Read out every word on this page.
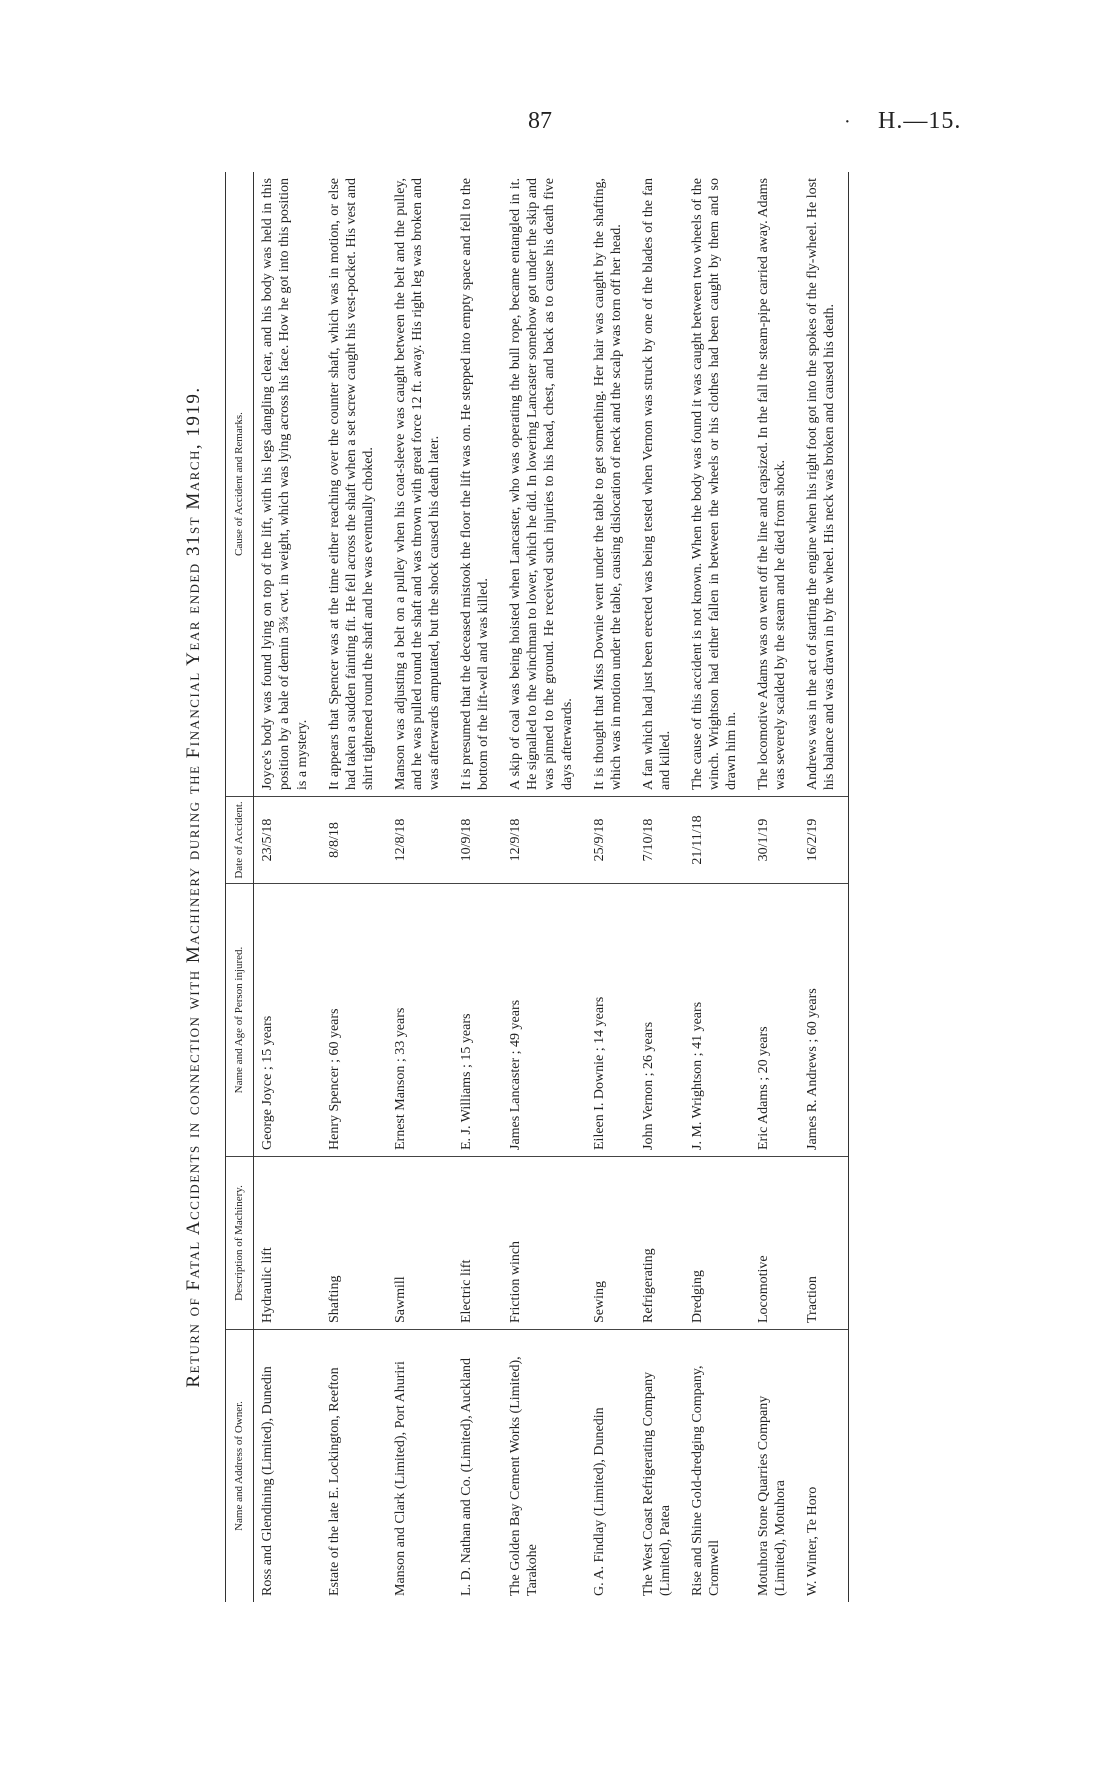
87	· H.—15.
Return of Fatal Accidents in connection with Machinery during the Financial Year ended 31st March, 1919.
Name and Address of Owner.	Description of Machinery.	Name and Age of Person injured.	Date of Accident.	Cause of Accident and Remarks.
Ross and Glendining (Limited), Dunedin	Hydraulic lift	George Joyce ; 15 years	23/5/18	Joyce's body was found lying on top of the lift, with his legs dangling clear, and his body was held in this position by a bale of demin 3¾ cwt. in weight, which was lying across his face. How he got into this position is a mystery.
Estate of the late E. Lockington, Reefton	Shafting	Henry Spencer ; 60 years	8/8/18	It appears that Spencer was at the time either reaching over the counter shaft, which was in motion, or else had taken a sudden fainting fit. He fell across the shaft when a set screw caught his vest-pocket. His vest and shirt tightened round the shaft and he was eventually choked.
Manson and Clark (Limited), Port Ahuriri	Sawmill	Ernest Manson ; 33 years	12/8/18	Manson was adjusting a belt on a pulley when his coat-sleeve was caught between the belt and the pulley, and he was pulled round the shaft and was thrown with great force 12 ft. away. His right leg was broken and was afterwards amputated, but the shock caused his death later.
L. D. Nathan and Co. (Limited), Auckland	Electric lift	E. J. Williams ; 15 years	10/9/18	It is presumed that the deceased mistook the floor the lift was on. He stepped into empty space and fell to the bottom of the lift-well and was killed.
The Golden Bay Cement Works (Limited), Tarakohe	Friction winch	James Lancaster ; 49 years	12/9/18	A skip of coal was being hoisted when Lancaster, who was operating the bull rope, became entangled in it. He signalled to the winchman to lower, which he did. In lowering Lancaster somehow got under the skip and was pinned to the ground. He received such injuries to his head, chest, and back as to cause his death five days afterwards.
G. A. Findlay (Limited), Dunedin	Sewing	Eileen I. Downie ; 14 years	25/9/18	It is thought that Miss Downie went under the table to get something. Her hair was caught by the shafting, which was in motion under the table, causing dislocation of neck and the scalp was torn off her head.
The West Coast Refrigerating Company (Limited), Patea	Refrigerating	John Vernon ; 26 years	7/10/18	A fan which had just been erected was being tested when Vernon was struck by one of the blades of the fan and killed.
Rise and Shine Gold-dredging Company, Cromwell	Dredging	J. M. Wrightson ; 41 years	21/11/18	The cause of this accident is not known. When the body was found it was caught between two wheels of the winch. Wrightson had either fallen in between the wheels or his clothes had been caught by them and so drawn him in.
Motuhora Stone Quarries Company (Limited), Motuhora	Locomotive	Eric Adams ; 20 years	30/1/19	The locomotive Adams was on went off the line and capsized. In the fall the steam-pipe carried away. Adams was severely scalded by the steam and he died from shock.
W. Winter, Te Horo	Traction	James R. Andrews ; 60 years	16/2/19	Andrews was in the act of starting the engine when his right foot got into the spokes of the fly-wheel. He lost his balance and was drawn in by the wheel. His neck was broken and caused his death.
